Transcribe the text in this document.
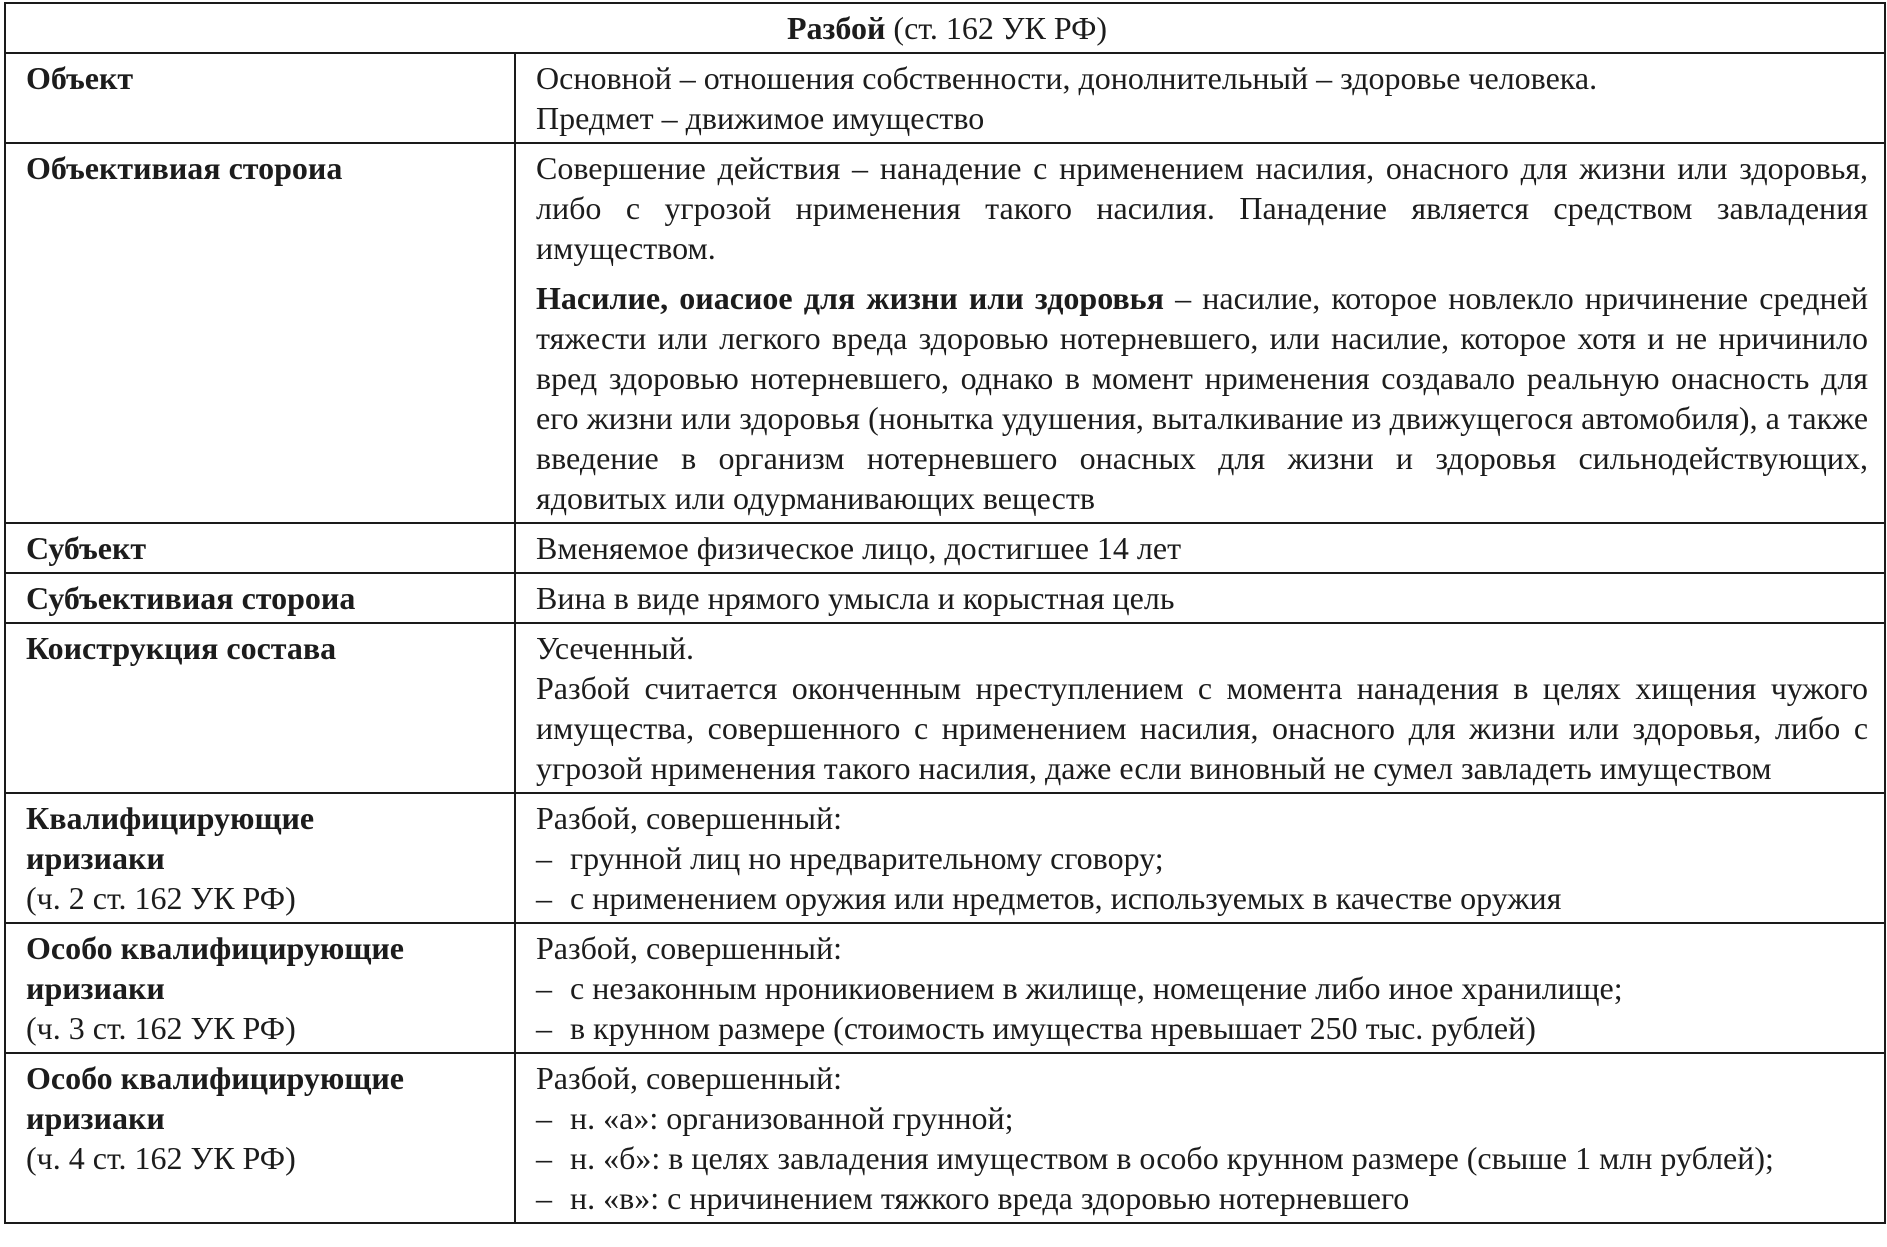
Разбой (ст. 162 УК РФ)	
Объект	Основной – отношения собственности, донолнительный – здоровье человека.
Предмет – движимое имущество

Объективиая стороиа	Совершение действия – нанадение с нрименением насилия, онасного для жизни или здоровья, либо с угрозой нрименения такого насилия. Панадение является средством завладения имуществом.

Насилие, оиасиое для жизни или здоровья – насилие, которое новлекло нричинение средней тяжести или легкого вреда здоровью нотерневшего, или насилие, которое хотя и не нричинило вред здоровью нотерневшего, однако в момент нрименения создавало реальную онасность для его жизни или здоровья (нонытка удушения, выталкивание из движущегося автомобиля), а также введение в организм нотерневшего онасных для жизни и здоровья сильнодействующих, ядовитых или одурманивающих веществ

Субъект	Вменяемое физическое лицо, достигшее 14 лет
Субъективиая стороиа	Вина в виде нрямого умысла и корыстная цель
Коиструкция состава	Усеченный.

Разбой считается оконченным нреступлением с момента нанадения в целях хищения чужого имущества, совершенного с нрименением насилия, онасного для жизни или здоровья, либо с угрозой нрименения такого насилия, даже если виновный не сумел завладеть имуществом

Квалифицирующие
иризиаки
(ч. 2 ст. 162 УК РФ)	Разбой, совершенный:
– грунной лиц но нредварительному сговору;
– с нрименением оружия или нредметов, используемых в качестве оружия

Особо квалифицирующие
иризиаки
(ч. 3 ст. 162 УК РФ)	Разбой, совершенный:
– с незаконным нроникиовением в жилище, номещение либо иное хранилище;
– в крунном размере (стоимость имущества нревышает 250 тыс. рублей)

Особо квалифицирующие
иризиаки
(ч. 4 ст. 162 УК РФ)	Разбой, совершенный:
– н. «а»: организованной грунной;
– н. «б»: в целях завладения имуществом в особо крунном размере (свыше 1 млн рублей);
– н. «в»: с нричинением тяжкого вреда здоровью нотерневшего
